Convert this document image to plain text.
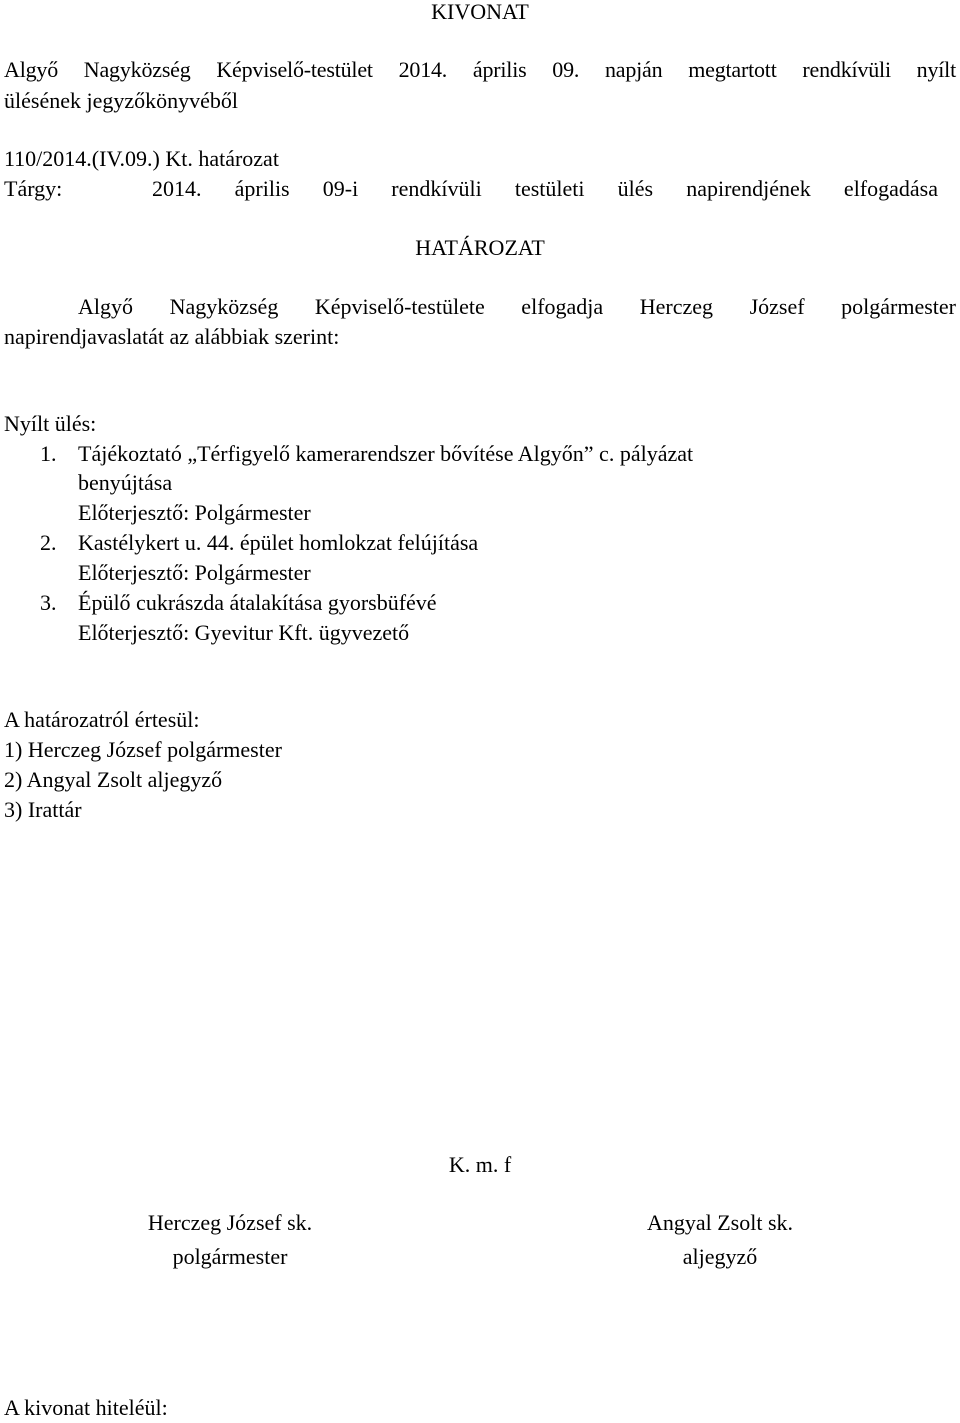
KIVONAT
Algyő Nagyközség Képviselő-testület 2014. április 09. napján megtartott rendkívüli nyílt
ülésének jegyzőkönyvéből
110/2014.(IV.09.) Kt. határozat
Tárgy:	2014. április 09-i rendkívüli testületi ülés napirendjének elfogadása
HATÁROZAT
Algyő Nagyközség Képviselő-testülete elfogadja Herczeg József polgármester
napirendjavaslatát az alábbiak szerint:
Nyílt ülés:
1. Tájékoztató „Térfigyelő kamerarendszer bővítése Algyőn” c. pályázat
benyújtása
Előterjesztő: Polgármester
2. Kastélykert u. 44. épület homlokzat felújítása
Előterjesztő: Polgármester
3. Épülő cukrászda átalakítása gyorsbüfévé
Előterjesztő: Gyevitur Kft. ügyvezető
A határozatról értesül:
1) Herczeg József polgármester
2) Angyal Zsolt aljegyző
3) Irattár
K. m. f
Herczeg József sk.
polgármester
Angyal Zsolt sk.
aljegyző
A kivonat hiteléül:
